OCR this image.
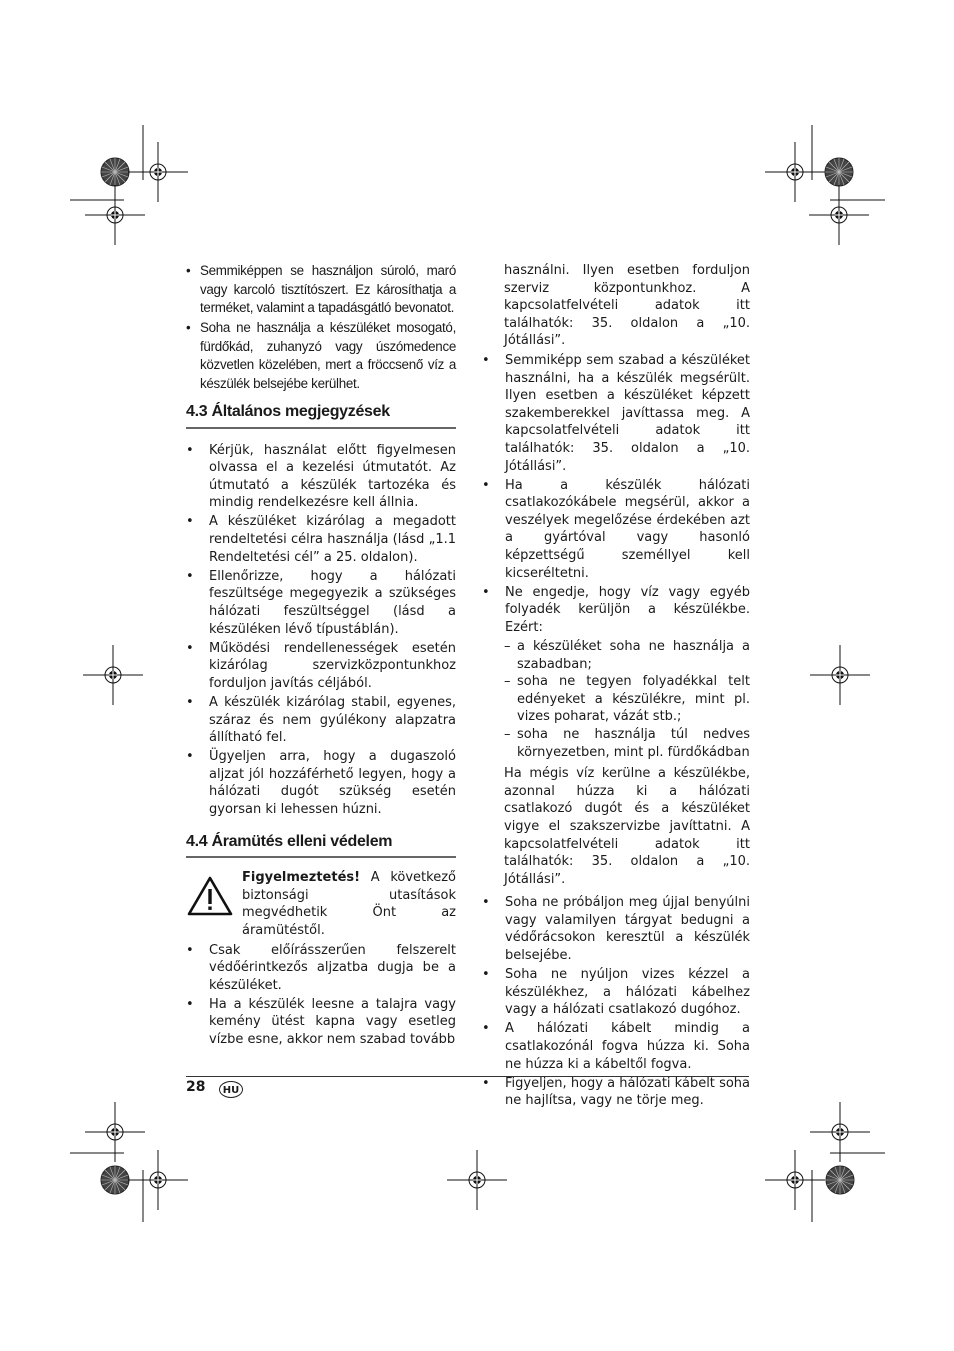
• Semmiképpen se használjon súroló, maró vagy karcoló tisztítószert. Ez károsíthatja a terméket, valamint a tapadásgátló bevonatot.
• Soha ne használja a készüléket mosogató, fürdőkád, zuhanyzó vagy úszómedence közvetlen közelében, mert a fröccsenő víz a készülék belsejébe kerülhet.
4.3 Általános megjegyzések
• Kérjük, használat előtt figyelmesen olvassa el a kezelési útmutatót. Az útmutató a készülék tartozéka és mindig rendelkezésre kell állnia.
• A készüléket kizárólag a megadott rendeltetési célra használja (lásd „1.1 Rendeltetési cél” a 25. oldalon).
• Ellenőrizze, hogy a hálózati feszültsége megegyezik a szükséges hálózati feszültséggel (lásd a készüléken lévő típustáblán).
• Működési rendellenességek esetén kizárólag szervizközpontunkhoz forduljon javítás céljából.
• A készülék kizárólag stabil, egyenes, száraz és nem gyúlékony alapzatra állítható fel.
• Ügyeljen arra, hogy a dugaszoló aljzat jól hozzáférhető legyen, hogy a hálózati dugót szükség esetén gyorsan ki lehessen húzni.
4.4 Áramütés elleni védelem
Figyelmeztetés! A következő biztonsági utasítások megvédhetik Önt az áramütéstől.
• Csak előírásszerűen felszerelt védőérintkezős aljzatba dugja be a készüléket.
• Ha a készülék leesne a talajra vagy kemény ütést kapna vagy esetleg vízbe esne, akkor nem szabad tovább

használni. Ilyen esetben forduljon szerviz központunkhoz. A kapcsolatfelvételi adatok itt találhatók: 35. oldalon a „10. Jótállási”.

• Semmiképp sem szabad a készüléket használni, ha a készülék megsérült. Ilyen esetben a készüléket képzett szakemberekkel javíttassa meg. A kapcsolatfelvételi adatok itt találhatók: 35. oldalon a „10. Jótállási”.
• Ha a készülék hálózati csatlakozókábele megsérül, akkor a veszélyek megelőzése érdekében azt a gyártóval vagy hasonló képzettségű személlyel kell kicseréltetni.
• Ne engedje, hogy víz vagy egyéb folyadék kerüljön a készülékbe. Ezért:
– a készüléket soha ne használja a szabadban;
– soha ne tegyen folyadékkal telt edényeket a készülékre, mint pl. vizes poharat, vázát stb.;
– soha ne használja túl nedves környezetben, mint pl. fürdőkádban

Ha mégis víz kerülne a készülékbe, azonnal húzza ki a hálózati csatlakozó dugót és a készüléket vigye el szakszervizbe javíttatni. A kapcsolatfelvételi adatok itt találhatók: 35. oldalon a „10. Jótállási”.

• Soha ne próbáljon meg újjal benyúlni vagy valamilyen tárgyat bedugni a védőrácsokon keresztül a készülék belsejébe.
• Soha ne nyúljon vizes kézzel a készülékhez, a hálózati kábelhez vagy a hálózati csatlakozó dugóhoz.
• A hálózati kábelt mindig a csatlakozónál fogva húzza ki. Soha ne húzza ki a kábeltől fogva.
• Figyeljen, hogy a hálózati kábelt soha ne hajlítsa, vagy ne törje meg.
28	HU
